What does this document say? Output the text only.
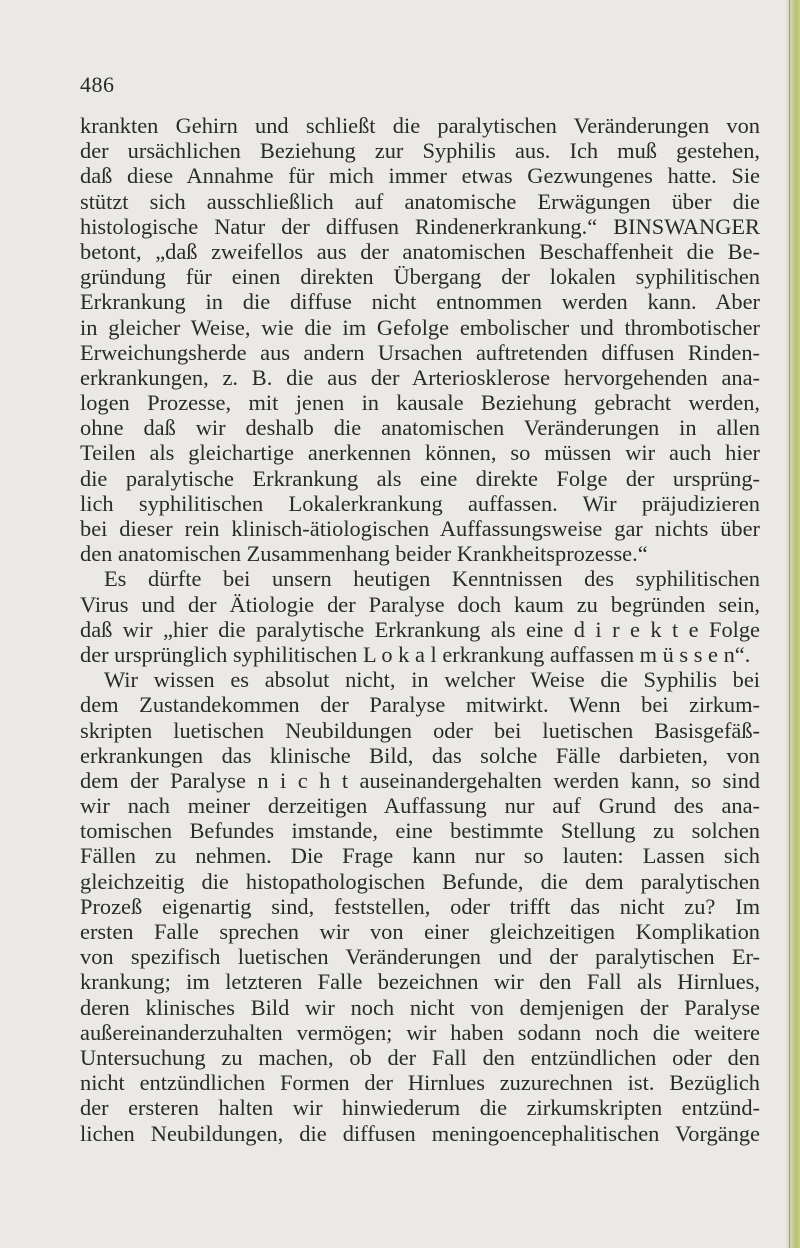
486
krankten Gehirn und schließt die paralytischen Veränderungen von
der ursächlichen Beziehung zur Syphilis aus. Ich muß gestehen,
daß diese Annahme für mich immer etwas Gezwungenes hatte. Sie
stützt sich ausschließlich auf anatomische Erwägungen über die
histologische Natur der diffusen Rindenerkrankung.“ BINSWANGER
betont, „daß zweifellos aus der anatomischen Beschaffenheit die Be-
gründung für einen direkten Übergang der lokalen syphilitischen
Erkrankung in die diffuse nicht entnommen werden kann. Aber
in gleicher Weise, wie die im Gefolge embolischer und thrombotischer
Erweichungsherde aus andern Ursachen auftretenden diffusen Rinden-
erkrankungen, z. B. die aus der Arteriosklerose hervorgehenden ana-
logen Prozesse, mit jenen in kausale Beziehung gebracht werden,
ohne daß wir deshalb die anatomischen Veränderungen in allen
Teilen als gleichartige anerkennen können, so müssen wir auch hier
die paralytische Erkrankung als eine direkte Folge der ursprüng-
lich syphilitischen Lokalerkrankung auffassen. Wir präjudizieren
bei dieser rein klinisch-ätiologischen Auffassungsweise gar nichts über
den anatomischen Zusammenhang beider Krankheitsprozesse.“
Es dürfte bei unsern heutigen Kenntnissen des syphilitischen
Virus und der Ätiologie der Paralyse doch kaum zu begründen sein,
daß wir „hier die paralytische Erkrankung als eine d i r e k t e Folge
der ursprünglich syphilitischen L o k a l erkrankung auffassen m ü s s e n“.
Wir wissen es absolut nicht, in welcher Weise die Syphilis bei
dem Zustandekommen der Paralyse mitwirkt. Wenn bei zirkum-
skripten luetischen Neubildungen oder bei luetischen Basisgefäß-
erkrankungen das klinische Bild, das solche Fälle darbieten, von
dem der Paralyse n i c h t auseinandergehalten werden kann, so sind
wir nach meiner derzeitigen Auffassung nur auf Grund des ana-
tomischen Befundes imstande, eine bestimmte Stellung zu solchen
Fällen zu nehmen. Die Frage kann nur so lauten: Lassen sich
gleichzeitig die histopathologischen Befunde, die dem paralytischen
Prozeß eigenartig sind, feststellen, oder trifft das nicht zu? Im
ersten Falle sprechen wir von einer gleichzeitigen Komplikation
von spezifisch luetischen Veränderungen und der paralytischen Er-
krankung; im letzteren Falle bezeichnen wir den Fall als Hirnlues,
deren klinisches Bild wir noch nicht von demjenigen der Paralyse
außereinanderzuhalten vermögen; wir haben sodann noch die weitere
Untersuchung zu machen, ob der Fall den entzündlichen oder den
nicht entzündlichen Formen der Hirnlues zuzurechnen ist. Bezüglich
der ersteren halten wir hinwiederum die zirkumskripten entzünd-
lichen Neubildungen, die diffusen meningoencephalitischen Vorgänge
